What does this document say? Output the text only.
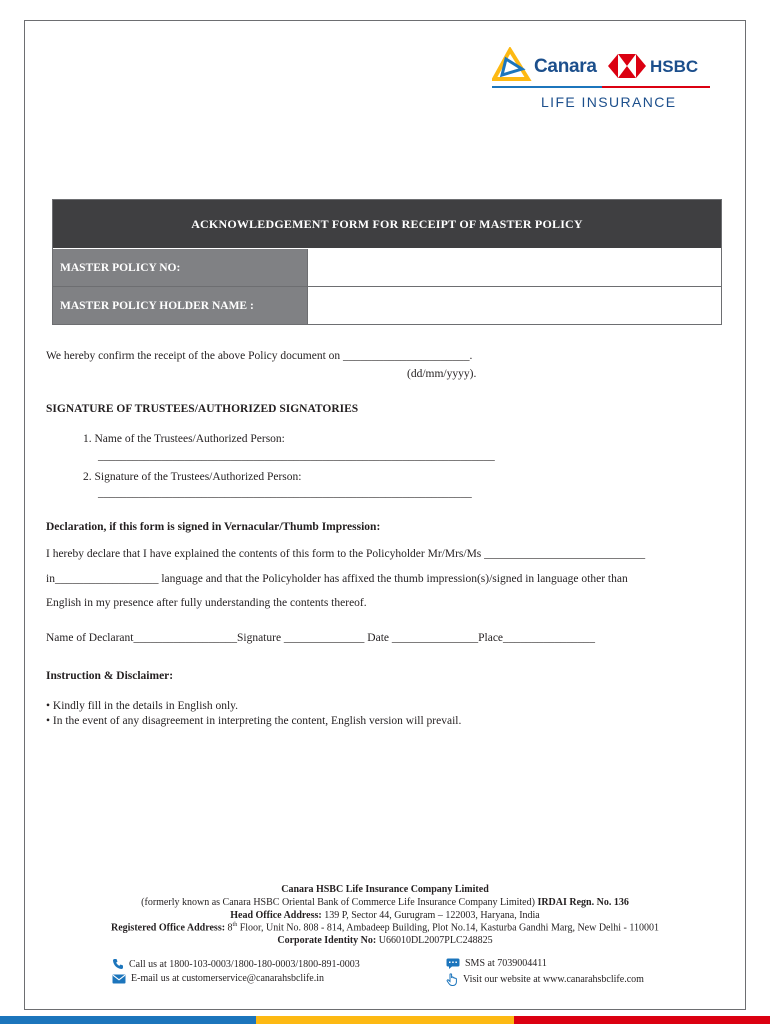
Canara	HSBC
LIFE INSURANCE
ACKNOWLEDGEMENT FORM FOR RECEIPT OF MASTER POLICY
MASTER POLICY NO:
MASTER POLICY HOLDER NAME :
We hereby confirm the receipt of the above Policy document on ______________________.
(dd/mm/yyyy).
SIGNATURE OF TRUSTEES/AUTHORIZED SIGNATORIES
1. Name of the Trustees/Authorized Person:
_____________________________________________________________________
2. Signature of the Trustees/Authorized Person:
_________________________________________________________________
Declaration, if this form is signed in Vernacular/Thumb Impression:
I hereby declare that I have explained the contents of this form to the Policyholder Mr/Mrs/Ms ____________________________
in__________________ language and that the Policyholder has affixed the thumb impression(s)/signed in language other than
English in my presence after fully understanding the contents thereof.
Name of Declarant__________________Signature ______________ Date _______________Place________________
Instruction & Disclaimer:
• Kindly fill in the details in English only.
• In the event of any disagreement in interpreting the content, English version will prevail.
Canara HSBC Life Insurance Company Limited
(formerly known as Canara HSBC Oriental Bank of Commerce Life Insurance Company Limited) IRDAI Regn. No. 136
Head Office Address: 139 P, Sector 44, Gurugram – 122003, Haryana, India
Registered Office Address: 8th Floor, Unit No. 808 - 814, Ambadeep Building, Plot No.14, Kasturba Gandhi Marg, New Delhi - 110001
Corporate Identity No: U66010DL2007PLC248825
Call us at 1800-103-0003/1800-180-0003/1800-891-0003	SMS at 7039004411
E-mail us at customerservice@canarahsbclife.in	Visit our website at www.canarahsbclife.com
